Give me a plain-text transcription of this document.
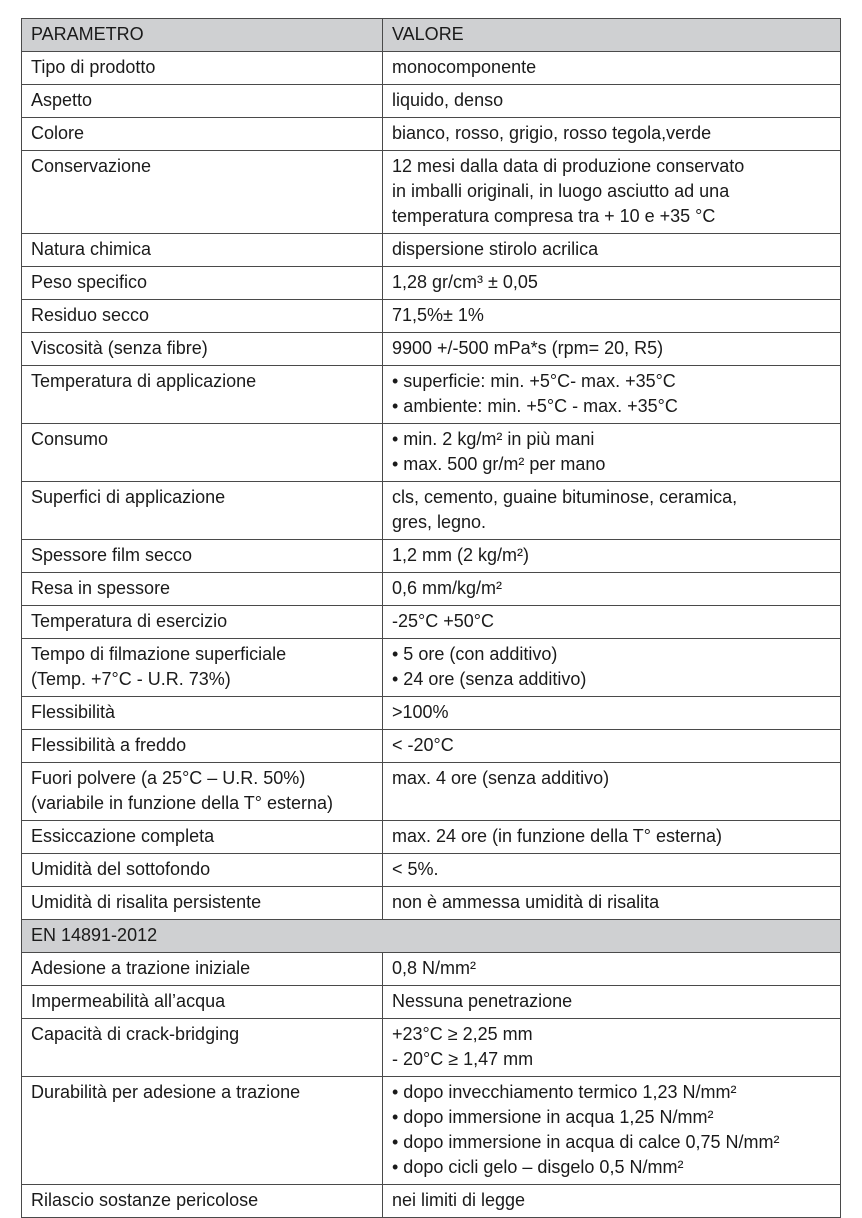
PARAMETRO	VALORE

Tipo di prodotto	monocomponente

Aspetto	liquido, denso

Colore	bianco, rosso, grigio, rosso tegola,verde

Conservazione	12 mesi dalla data di produzione conservato
in imballi originali, in luogo asciutto ad una
temperatura compresa tra + 10 e +35 °C

Natura chimica	dispersione stirolo acrilica

Peso specifico	1,28 gr/cm³ ± 0,05

Residuo secco	71,5%± 1%

Viscosità (senza fibre)	9900 +/-500 mPa*s (rpm= 20, R5)

Temperatura di applicazione	• superficie: min. +5°C- max. +35°C
• ambiente: min. +5°C - max. +35°C

Consumo	• min. 2 kg/m² in più mani
• max. 500 gr/m² per mano

Superfici di applicazione	cls, cemento, guaine bituminose, ceramica,
gres, legno.

Spessore film secco	1,2 mm (2 kg/m²)

Resa in spessore	0,6 mm/kg/m²

Temperatura di esercizio	-25°C +50°C

Tempo di filmazione superficiale
(Temp. +7°C - U.R. 73%)	• 5 ore (con additivo)
• 24 ore (senza additivo)

Flessibilità	>100%

Flessibilità a freddo	< -20°C

Fuori polvere (a 25°C – U.R. 50%)
(variabile in funzione della T° esterna)	max. 4 ore (senza additivo)

Essiccazione completa	max. 24 ore (in funzione della T° esterna)

Umidità del sottofondo	< 5%.

Umidità di risalita persistente	non è ammessa umidità di risalita

EN 14891-2012	

Adesione a trazione iniziale	0,8 N/mm²

Impermeabilità all’acqua	Nessuna penetrazione

Capacità di crack-bridging	+23°C ≥ 2,25 mm
- 20°C ≥ 1,47 mm

Durabilità per adesione a trazione	• dopo invecchiamento termico 1,23 N/mm²
• dopo immersione in acqua 1,25 N/mm²
• dopo immersione in acqua di calce 0,75 N/mm²
• dopo cicli gelo – disgelo 0,5 N/mm²

Rilascio sostanze pericolose	nei limiti di legge
